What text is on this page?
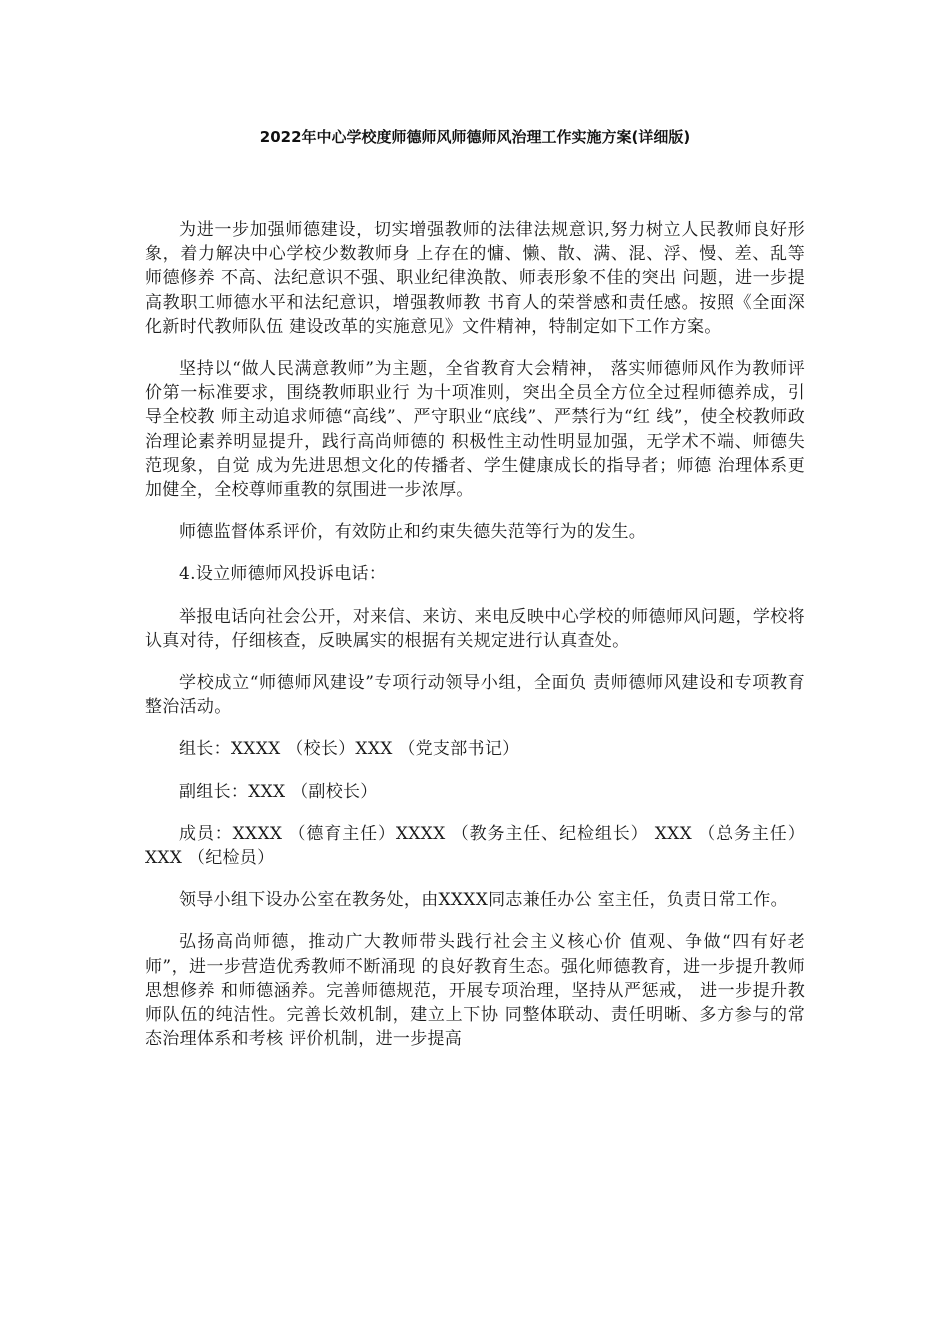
2022年中心学校度师德师风师德师风治理工作实施方案(详细版)

为进一步加强师德建设，切实增强教师的法律法规意识,努力树立人民教师良好形象，着力解决中心学校少数教师身 上存在的慵、懒、散、满、混、浮、慢、差、乱等师德修养 不高、法纪意识不强、职业纪律涣散、师表形象不佳的突出 问题，进一步提高教职工师德水平和法纪意识，增强教师教 书育人的荣誉感和责任感。按照《全面深化新时代教师队伍 建设改革的实施意见》文件精神，特制定如下工作方案。

坚持以“做人民满意教师”为主题，全省教育大会精神， 落实师德师风作为教师评价第一标准要求，围绕教师职业行 为十项准则，突出全员全方位全过程师德养成，引导全校教 师主动追求师德“高线”、严守职业“底线”、严禁行为“红 线”，使全校教师政治理论素养明显提升，践行高尚师德的 积极性主动性明显加强，无学术不端、师德失范现象，自觉 成为先进思想文化的传播者、学生健康成长的指导者；师德 治理体系更加健全，全校尊师重教的氛围进一步浓厚。

师德监督体系评价，有效防止和约束失德失范等行为的发生。

4.设立师德师风投诉电话：

举报电话向社会公开，对来信、来访、来电反映中心学校的师德师风问题，学校将认真对待，仔细核查，反映属实的根据有关规定进行认真查处。

学校成立“师德师风建设”专项行动领导小组，全面负 责师德师风建设和专项教育整治活动。

组长：XXXX （校长）XXX （党支部书记）

副组长：XXX （副校长）

成员：XXXX （德育主任）XXXX （教务主任、纪检组长） XXX （总务主任）XXX （纪检员）

领导小组下设办公室在教务处，由XXXX同志兼任办公 室主任，负责日常工作。

弘扬高尚师德，推动广大教师带头践行社会主义核心价 值观、争做“四有好老师”，进一步营造优秀教师不断涌现 的良好教育生态。强化师德教育，进一步提升教师思想修养 和师德涵养。完善师德规范，开展专项治理，坚持从严惩戒， 进一步提升教师队伍的纯洁性。完善长效机制，建立上下协 同整体联动、责任明晰、多方参与的常态治理体系和考核 评价机制，进一步提高
